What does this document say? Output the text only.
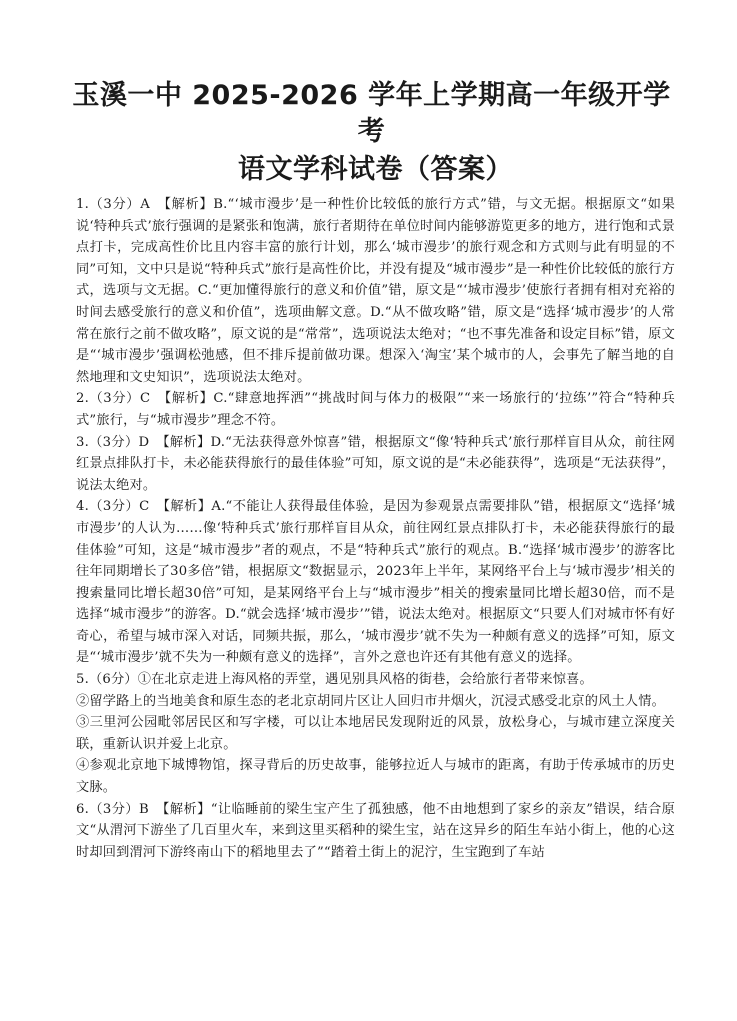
玉溪一中 2025-2026 学年上学期高一年级开学考
语文学科试卷（答案）

1.（3分）A　【解析】B.“‘城市漫步’是一种性价比较低的旅行方式”错，与文无据。根据原文“如果说‘特种兵式’旅行强调的是紧张和饱满，旅行者期待在单位时间内能够游览更多的地方，进行饱和式景点打卡，完成高性价比且内容丰富的旅行计划，那么‘城市漫步’的旅行观念和方式则与此有明显的不同”可知，文中只是说“特种兵式”旅行是高性价比，并没有提及“城市漫步”是一种性价比较低的旅行方式，选项与文无据。C.“更加懂得旅行的意义和价值”错，原文是“‘城市漫步’使旅行者拥有相对充裕的时间去感受旅行的意义和价值”，选项曲解文意。D.“从不做攻略”错，原文是“选择‘城市漫步’的人常常在旅行之前不做攻略”，原文说的是“常常”，选项说法太绝对；“也不事先准备和设定目标”错，原文是“‘城市漫步’强调松弛感，但不排斥提前做功课。想深入‘淘宝’某个城市的人，会事先了解当地的自然地理和文史知识”，选项说法太绝对。

2.（3分）C　【解析】C.“肆意地挥洒”“挑战时间与体力的极限”“来一场旅行的‘拉练’”符合“特种兵式”旅行，与“城市漫步”理念不符。

3.（3分）D　【解析】D.“无法获得意外惊喜”错，根据原文“像‘特种兵式’旅行那样盲目从众，前往网红景点排队打卡，未必能获得旅行的最佳体验”可知，原文说的是“未必能获得”，选项是“无法获得”，说法太绝对。

4.（3分）C　【解析】A.“不能让人获得最佳体验，是因为参观景点需要排队”错，根据原文“选择‘城市漫步’的人认为……像‘特种兵式’旅行那样盲目从众，前往网红景点排队打卡，未必能获得旅行的最佳体验”可知，这是“城市漫步”者的观点，不是“特种兵式”旅行的观点。B.“选择‘城市漫步’的游客比往年同期增长了30多倍”错，根据原文“数据显示，2023年上半年，某网络平台上与‘城市漫步’相关的搜索量同比增长超30倍”可知，是某网络平台上与“城市漫步”相关的搜索量同比增长超30倍，而不是选择“城市漫步”的游客。D.“就会选择‘城市漫步’”错，说法太绝对。根据原文“只要人们对城市怀有好奇心，希望与城市深入对话，同频共振，那么，‘城市漫步’就不失为一种颇有意义的选择”可知，原文是“‘城市漫步’就不失为一种颇有意义的选择”，言外之意也许还有其他有意义的选择。

5.（6分）①在北京走进上海风格的弄堂，遇见别具风格的街巷，会给旅行者带来惊喜。

②留学路上的当地美食和原生态的老北京胡同片区让人回归市井烟火，沉浸式感受北京的风土人情。

③三里河公园毗邻居民区和写字楼，可以让本地居民发现附近的风景，放松身心，与城市建立深度关联，重新认识并爱上北京。

④参观北京地下城博物馆，探寻背后的历史故事，能够拉近人与城市的距离，有助于传承城市的历史文脉。

6.（3分）B　【解析】“让临睡前的梁生宝产生了孤独感，他不由地想到了家乡的亲友”错误，结合原文“从渭河下游坐了几百里火车，来到这里买稻种的梁生宝，站在这异乡的陌生车站小街上，他的心这时却回到渭河下游终南山下的稻地里去了”“踏着土街上的泥泞，生宝跑到了车站
